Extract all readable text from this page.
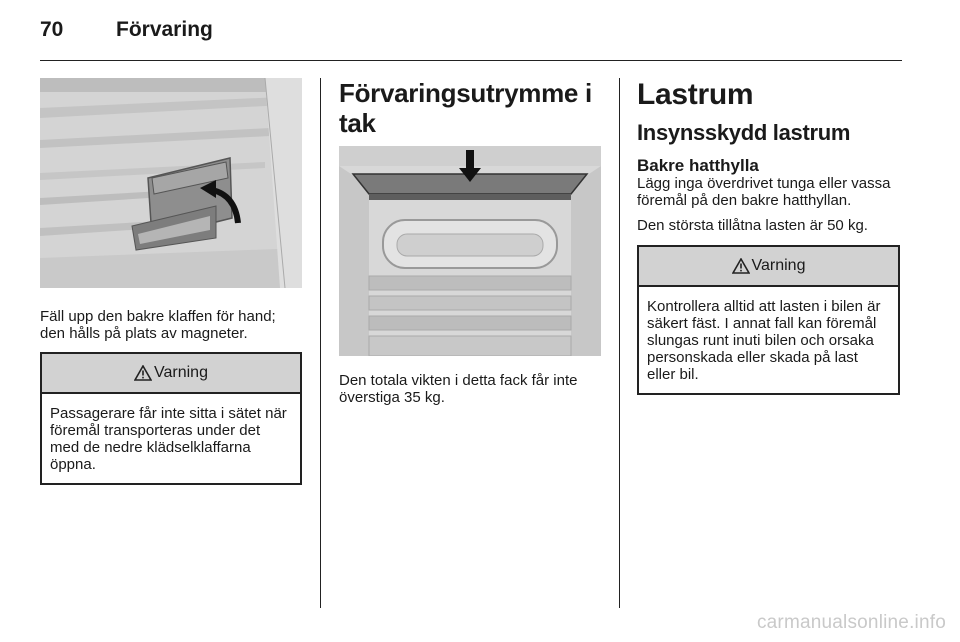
70	Förvaring

Fäll upp den bakre klaffen för hand; den hålls på plats av magneter.

Varning
Passagerare får inte sitta i sätet när föremål transporteras under det med de nedre klädselklaffarna öppna.
Förvaringsutrymme i tak

Den totala vikten i detta fack får inte överstiga 35 kg.

Lastrum
Insynsskydd lastrum
Bakre hatthylla

Lägg inga överdrivet tunga eller vassa föremål på den bakre hatthyllan.

Den största tillåtna lasten är 50 kg.

Varning
Kontrollera alltid att lasten i bilen är säkert fäst. I annat fall kan föremål slungas runt inuti bilen och orsaka personskada eller skada på last eller bil.
carmanualsonline.info
